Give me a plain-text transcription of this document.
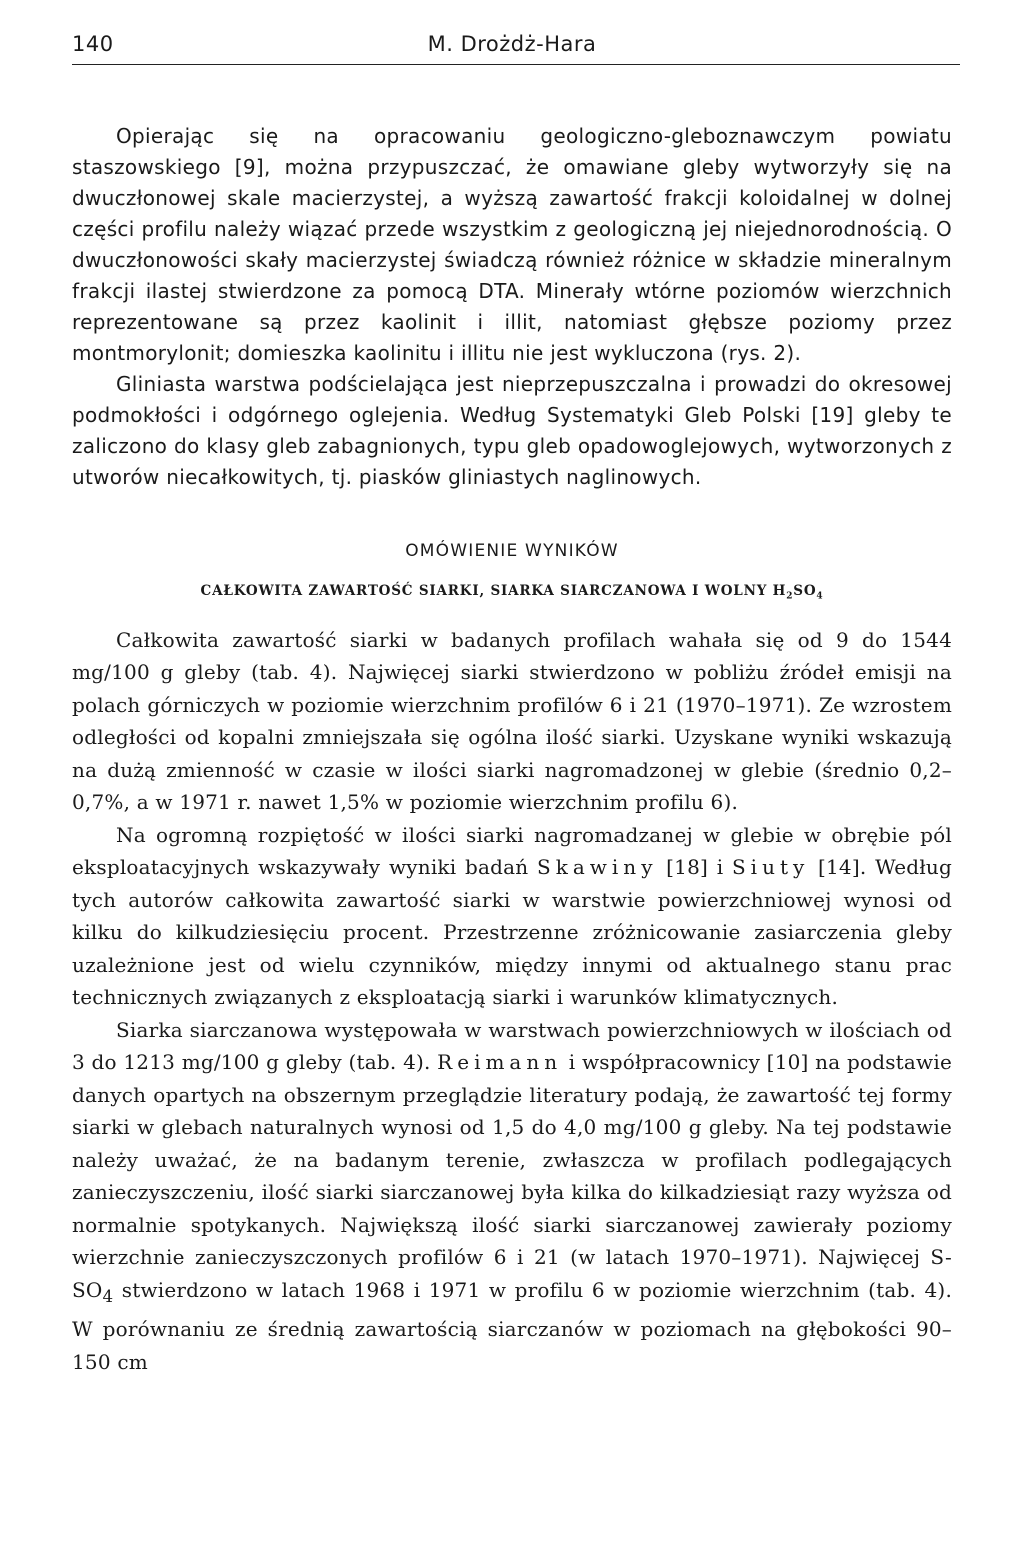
140	M. Drożdż-Hara

Opierając się na opracowaniu geologiczno-gleboznawczym powiatu staszowskiego [9], można przypuszczać, że omawiane gleby wytworzyły się na dwuczłonowej skale macierzystej, a wyższą zawartość frakcji koloidalnej w dolnej części profilu należy wiązać przede wszystkim z geologiczną jej niejednorodnością. O dwuczłonowości skały macierzystej świadczą również różnice w składzie mineralnym frakcji ilastej stwierdzone za pomocą DTA. Minerały wtórne poziomów wierzchnich reprezentowane są przez kaolinit i illit, natomiast głębsze poziomy przez montmorylonit; domieszka kaolinitu i illitu nie jest wykluczona (rys. 2).

Gliniasta warstwa podścielająca jest nieprzepuszczalna i prowadzi do okresowej podmokłości i odgórnego oglejenia. Według Systematyki Gleb Polski [19] gleby te zaliczono do klasy gleb zabagnionych, typu gleb opadowoglejowych, wytworzonych z utworów niecałkowitych, tj. piasków gliniastych naglinowych.

OMÓWIENIE WYNIKÓW
CAŁKOWITA ZAWARTOŚĆ SIARKI, SIARKA SIARCZANOWA I WOLNY $H_2SO_4$

Całkowita zawartość siarki w badanych profilach wahała się od 9 do 1544 mg/100 g gleby (tab. 4). Najwięcej siarki stwierdzono w pobliżu źródeł emisji na polach górniczych w poziomie wierzchnim profilów 6 i 21 (1970–1971). Ze wzrostem odległości od kopalni zmniejszała się ogólna ilość siarki. Uzyskane wyniki wskazują na dużą zmienność w czasie w ilości siarki nagromadzonej w glebie (średnio 0,2–0,7%, a w 1971 r. nawet 1,5% w poziomie wierzchnim profilu 6).

Na ogromną rozpiętość w ilości siarki nagromadzanej w glebie w obrębie pól eksploatacyjnych wskazywały wyniki badań Skawiny [18] i Siuty [14]. Według tych autorów całkowita zawartość siarki w warstwie powierzchniowej wynosi od kilku do kilkudziesięciu procent. Przestrzenne zróżnicowanie zasiarczenia gleby uzależnione jest od wielu czynników, między innymi od aktualnego stanu prac technicznych związanych z eksploatacją siarki i warunków klimatycznych.

Siarka siarczanowa występowała w warstwach powierzchniowych w ilościach od 3 do 1213 mg/100 g gleby (tab. 4). Reimann i współpracownicy [10] na podstawie danych opartych na obszernym przeglądzie literatury podają, że zawartość tej formy siarki w glebach naturalnych wynosi od 1,5 do 4,0 mg/100 g gleby. Na tej podstawie należy uważać, że na badanym terenie, zwłaszcza w profilach podlegających zanieczyszczeniu, ilość siarki siarczanowej była kilka do kilkadziesiąt razy wyższa od normalnie spotykanych. Największą ilość siarki siarczanowej zawierały poziomy wierzchnie zanieczyszczonych profilów 6 i 21 (w latach 1970–1971). Najwięcej $S-SO_4$ stwierdzono w latach 1968 i 1971 w profilu 6 w poziomie wierzchnim (tab. 4). W porównaniu ze średnią zawartością siarczanów w poziomach na głębokości 90–150 cm
